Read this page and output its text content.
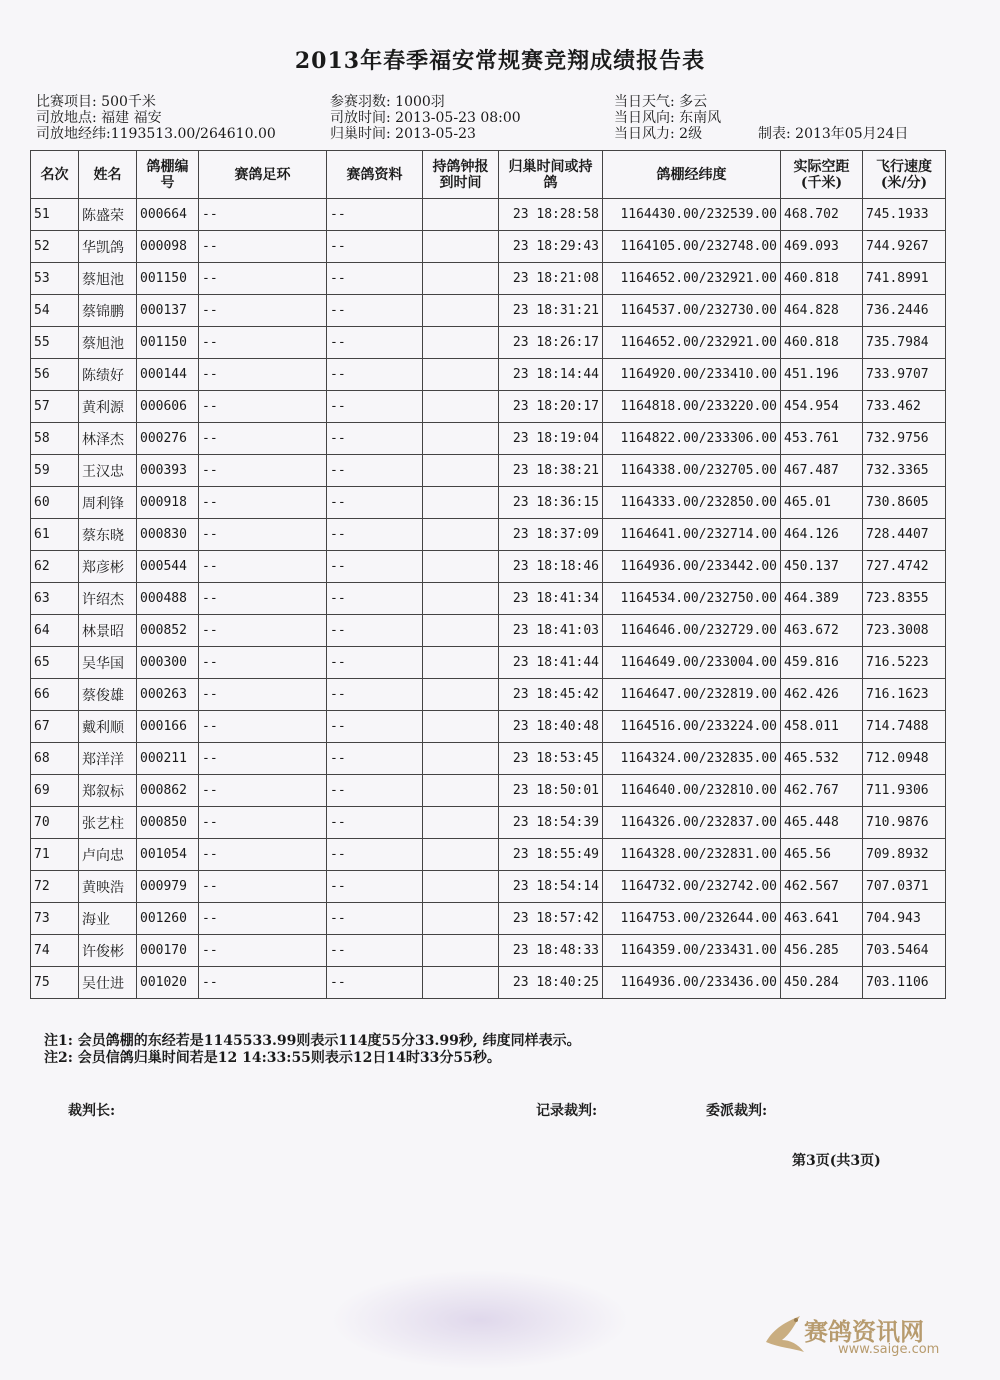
2013年春季福安常规赛竞翔成绩报告表
比赛项目: 500千米
司放地点: 福建 福安
司放地经纬:1193513.00/264610.00
参赛羽数: 1000羽
司放时间: 2013-05-23 08:00
归巢时间: 2013-05-23
当日天气: 多云
当日风向: 东南风
当日风力: 2级	制表: 2013年05月24日
名次	姓名	鸽棚编号	赛鸽足环	赛鸽资料	持鸽钟报到时间	归巢时间或持鸽	鸽棚经纬度	实际空距(千米)	飞行速度(米/分)
51	陈盛荣	000664	--	--		23 18:28:58	1164430.00/232539.00	468.702	745.1933
52	华凯鸽	000098	--	--		23 18:29:43	1164105.00/232748.00	469.093	744.9267
53	蔡旭池	001150	--	--		23 18:21:08	1164652.00/232921.00	460.818	741.8991
54	蔡锦鹏	000137	--	--		23 18:31:21	1164537.00/232730.00	464.828	736.2446
55	蔡旭池	001150	--	--		23 18:26:17	1164652.00/232921.00	460.818	735.7984
56	陈绩好	000144	--	--		23 18:14:44	1164920.00/233410.00	451.196	733.9707
57	黄利源	000606	--	--		23 18:20:17	1164818.00/233220.00	454.954	733.462
58	林泽杰	000276	--	--		23 18:19:04	1164822.00/233306.00	453.761	732.9756
59	王汉忠	000393	--	--		23 18:38:21	1164338.00/232705.00	467.487	732.3365
60	周利锋	000918	--	--		23 18:36:15	1164333.00/232850.00	465.01	730.8605
61	蔡东晓	000830	--	--		23 18:37:09	1164641.00/232714.00	464.126	728.4407
62	郑彦彬	000544	--	--		23 18:18:46	1164936.00/233442.00	450.137	727.4742
63	许绍杰	000488	--	--		23 18:41:34	1164534.00/232750.00	464.389	723.8355
64	林景昭	000852	--	--		23 18:41:03	1164646.00/232729.00	463.672	723.3008
65	吴华国	000300	--	--		23 18:41:44	1164649.00/233004.00	459.816	716.5223
66	蔡俊雄	000263	--	--		23 18:45:42	1164647.00/232819.00	462.426	716.1623
67	戴利顺	000166	--	--		23 18:40:48	1164516.00/233224.00	458.011	714.7488
68	郑洋洋	000211	--	--		23 18:53:45	1164324.00/232835.00	465.532	712.0948
69	郑叙标	000862	--	--		23 18:50:01	1164640.00/232810.00	462.767	711.9306
70	张艺柱	000850	--	--		23 18:54:39	1164326.00/232837.00	465.448	710.9876
71	卢向忠	001054	--	--		23 18:55:49	1164328.00/232831.00	465.56	709.8932
72	黄映浩	000979	--	--		23 18:54:14	1164732.00/232742.00	462.567	707.0371
73	海业	001260	--	--		23 18:57:42	1164753.00/232644.00	463.641	704.943
74	许俊彬	000170	--	--		23 18:48:33	1164359.00/233431.00	456.285	703.5464
75	吴仕进	001020	--	--		23 18:40:25	1164936.00/233436.00	450.284	703.1106
注1: 会员鸽棚的东经若是1145533.99则表示114度55分33.99秒, 纬度同样表示。
注2: 会员信鸽归巢时间若是12 14:33:55则表示12日14时33分55秒。
裁判长:	记录裁判:	委派裁判:
第3页(共3页)
赛鸽资讯网
www.saige.com
